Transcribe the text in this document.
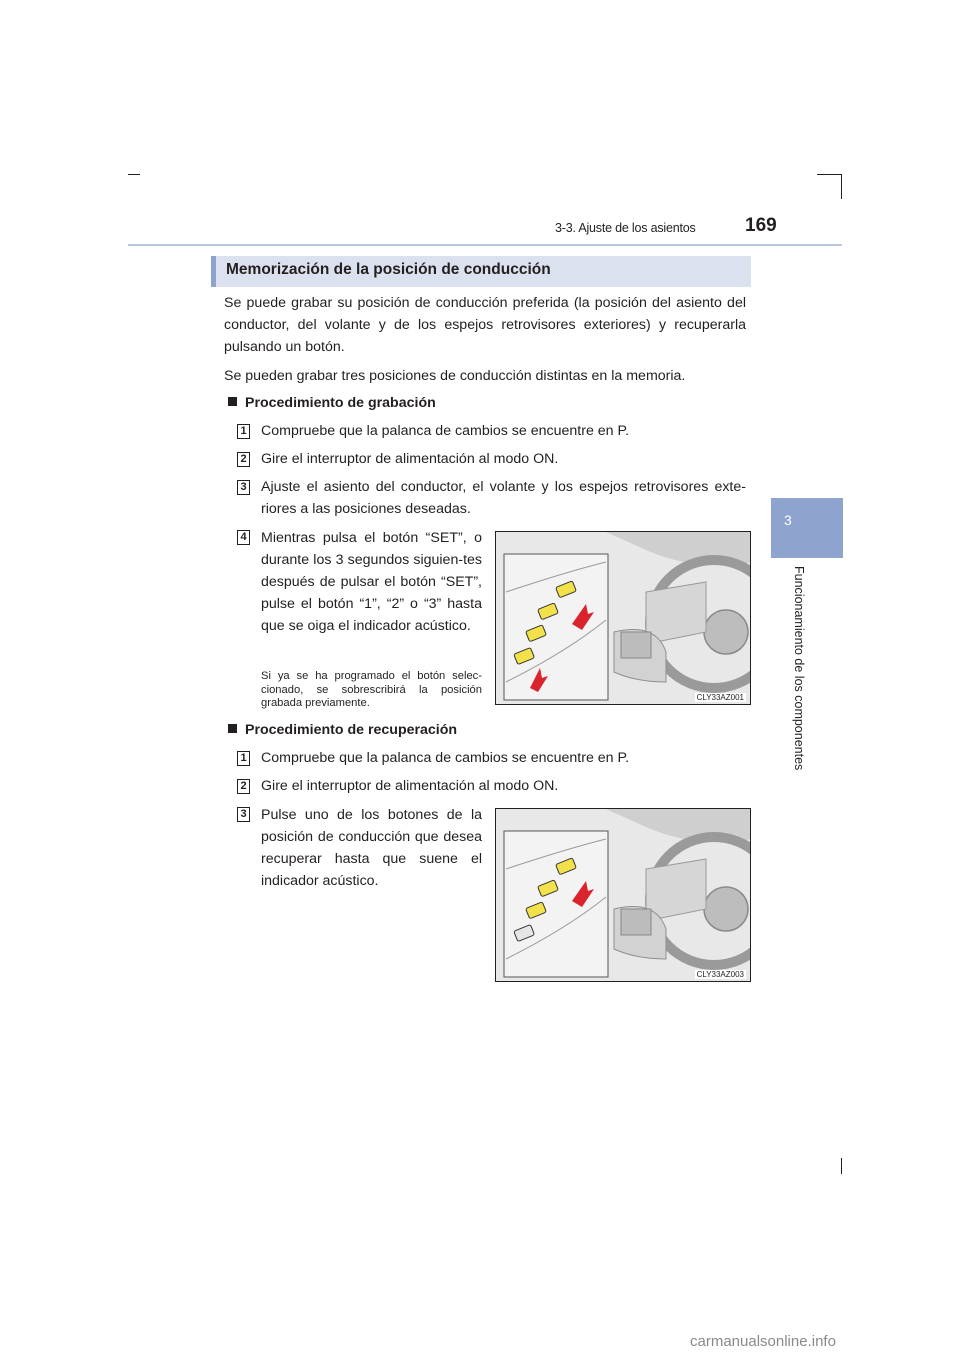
3-3. Ajuste de los asientos	169
3
Funcionamiento de los componentes
Memorización de la posición de conducción
Se puede grabar su posición de conducción preferida (la posición del asiento del conductor, del volante y de los espejos retrovisores exteriores) y recuperarla pulsando un botón.
Se pueden grabar tres posiciones de conducción distintas en la memoria.
Procedimiento de grabación
1 Compruebe que la palanca de cambios se encuentre en P.
2 Gire el interruptor de alimentación al modo ON.
3 Ajuste el asiento del conductor, el volante y los espejos retrovisores exte-riores a las posiciones deseadas.
4 Mientras pulsa el botón “SET”, o durante los 3 segundos siguien-tes después de pulsar el botón “SET”, pulse el botón “1”, “2” o “3” hasta que se oiga el indicador acústico.
Si ya se ha programado el botón selec-cionado, se sobrescribirá la posición grabada previamente.	CLY33AZ001
Procedimiento de recuperación
1 Compruebe que la palanca de cambios se encuentre en P.
2 Gire el interruptor de alimentación al modo ON.
3 Pulse uno de los botones de la posición de conducción que desea recuperar hasta que suene el indicador acústico.
CLY33AZ003
carmanualsonline.info
